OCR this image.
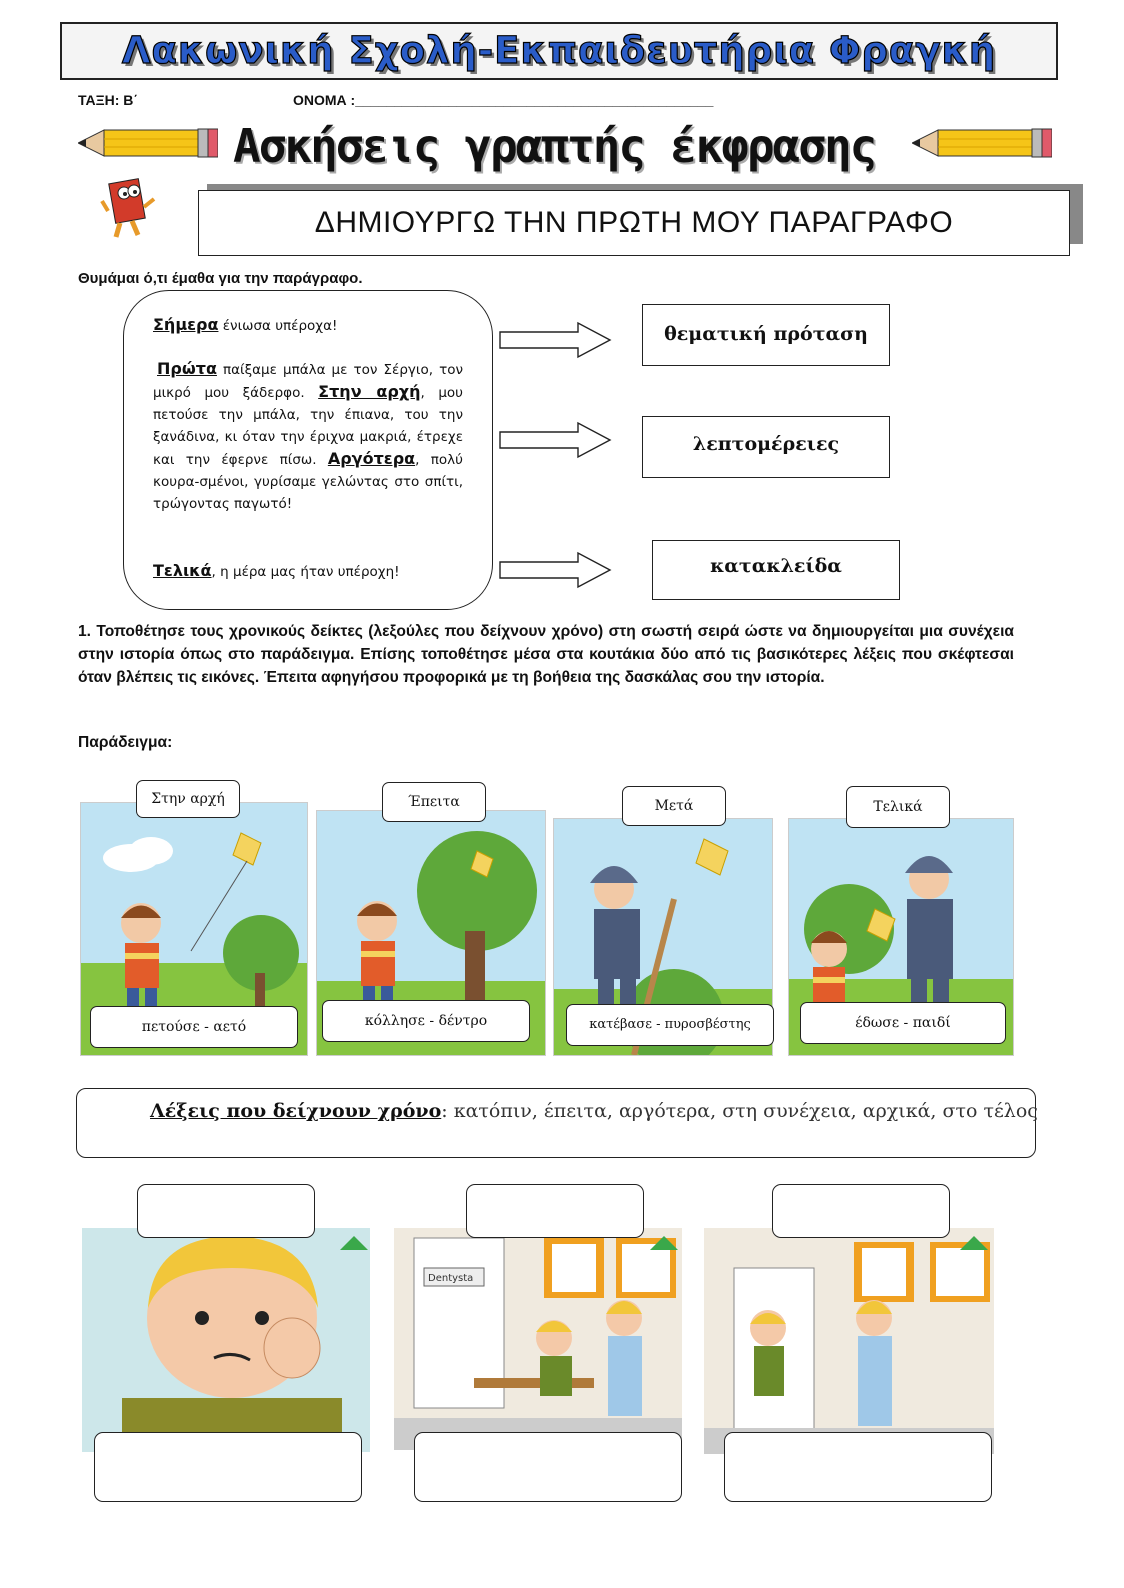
Λακωνική Σχολή-Εκπαιδευτήρια Φραγκή
ΤΑΞΗ: Β΄	ΟΝΟΜΑ :______________________________________________
Ασκήσεις γραπτής έκφρασης
ΔΗΜΙΟΥΡΓΩ ΤΗΝ ΠΡΩΤΗ ΜΟΥ ΠΑΡΑΓΡΑΦΟ
Θυμάμαι ό,τι έμαθα για την παράγραφο.
Σήμερα ένιωσα υπέροχα!
Πρώτα παίξαμε μπάλα με τον Σέργιο, τον μικρό μου ξάδερφο. Στην αρχή, μου πετούσε την μπάλα, την έπιανα, του την ξανάδινα, κι όταν την έριχνα μακριά, έτρεχε και την έφερνε πίσω. Αργότερα, πολύ κουρα-σμένοι, γυρίσαμε γελώντας στο σπίτι, τρώγοντας παγωτό!
Τελικά, η μέρα μας ήταν υπέροχη!
θεματική πρόταση
λεπτομέρειες
κατακλείδα
1. Τοποθέτησε τους χρονικούς δείκτες (λεξούλες που δείχνουν χρόνο) στη σωστή σειρά ώστε να δημιουργείται μια συνέχεια στην ιστορία όπως στο παράδειγμα. Επίσης τοποθέτησε μέσα στα κουτάκια δύο από τις βασικότερες λέξεις που σκέφτεσαι όταν βλέπεις τις εικόνες. Έπειτα αφηγήσου προφορικά με τη βοήθεια της δασκάλας σου την ιστορία.
Παράδειγμα:
Στην αρχή	Έπειτα	Μετά	Τελικά
πετούσε - αετό	κόλλησε - δέντρο	κατέβασε - πυροσβέστης	έδωσε - παιδί
Λέξεις που δείχνουν χρόνο: κατόπιν, έπειτα, αργότερα, στη συνέχεια, αρχικά, στο τέλος
Dentysta
